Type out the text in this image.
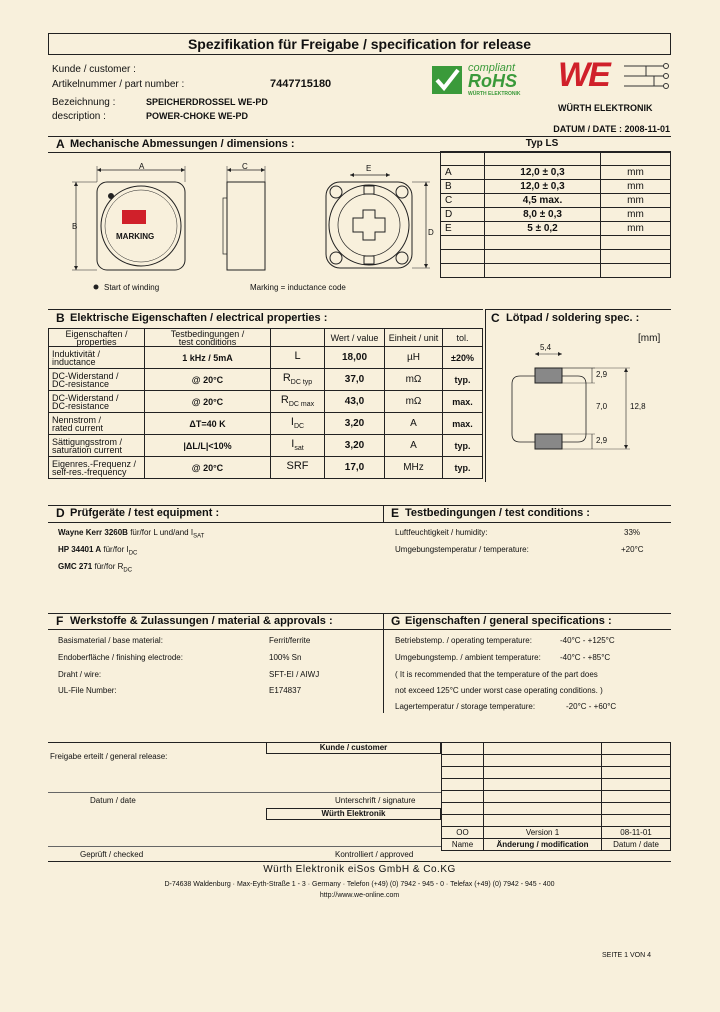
Spezifikation für Freigabe / specification for release
Kunde / customer :
Artikelnummer / part number :	7447715180
Bezeichnung :	SPEICHERDROSSEL WE-PD
description :	POWER-CHOKE WE-PD
compliant
RoHS
WÜRTH ELEKTRONIK WE
WÜRTH ELEKTRONIK
DATUM / DATE : 2008-11-01
A Mechanische Abmessungen / dimensions :
A
B
C	E
D
MARKING
Start of winding	Marking = inductance code
Typ LS

A	12,0 ± 0,3	mm
B	12,0 ± 0,3	mm
C	4,5 max.	mm
D	8,0 ± 0,3	mm
E	5 ± 0,2	mm

B Elektrische Eigenschaften / electrical properties :
Eigenschaften /
properties	Testbedingungen /
test conditions		Wert / value	Einheit / unit	tol.
Induktivität /
inductance	1 kHz / 5mA	L	18,00	µH	±20%
DC-Widerstand /
DC-resistance	@ 20°C	$R_{DC typ}$	37,0	mΩ	typ.
DC-Widerstand /
DC-resistance	@ 20°C	$R_{DC max}$	43,0	mΩ	max.
Nennstrom /
rated current	ΔT=40 K	$I_{DC}$	3,20	A	max.
Sättigungsstrom /
saturation current	|ΔL/L|<10%	$I_{sat}$	3,20	A	typ.
Eigenres.-Frequenz /
self-res.-frequency	@ 20°C	SRF	17,0	MHz	typ.
C Lötpad / soldering spec. :
[mm]
5,4
2,9
7,0	12,8
2,9
D Prüfgeräte / test equipment :	E Testbedingungen / test conditions :
Wayne Kerr 3260B für/for L und/and $I_{SAT}$
HP 34401 A für/for $I_{DC}$
GMC 271 für/for $R_{DC}$
Luftfeuchtigkeit / humidity:	33%
Umgebungstemperatur / temperature:	+20°C
F Werkstoffe & Zulassungen / material & approvals :	G Eigenschaften / general specifications :
Basismaterial / base material:	Ferrit/ferrite
Endoberfläche / finishing electrode:	100% Sn
Draht / wire:	SFT-EI / AIWJ
UL-File Number:	E174837
Betriebstemp. / operating temperature:	-40°C - +125°C
Umgebungstemp. / ambient temperature: -40°C - +85°C
( It is recommended that the temperature of the part does
not exceed 125°C under worst case operating conditions. )
Lagertemperatur / storage temperature:	-20°C - +60°C
Kunde / customer
Freigabe erteilt / general release:
Datum / date	Unterschrift / signature
Würth Elektronik
Geprüft / checked	Kontrolliert / approved

OO	Version 1	08-11-01
Name	Änderung / modification	Datum / date
Würth Elektronik eiSos GmbH & Co.KG
D-74638 Waldenburg · Max-Eyth-Straße 1 - 3 · Germany · Telefon (+49) (0) 7942 - 945 - 0 · Telefax (+49) (0) 7942 - 945 - 400
http://www.we-online.com
SEITE 1 VON 4
